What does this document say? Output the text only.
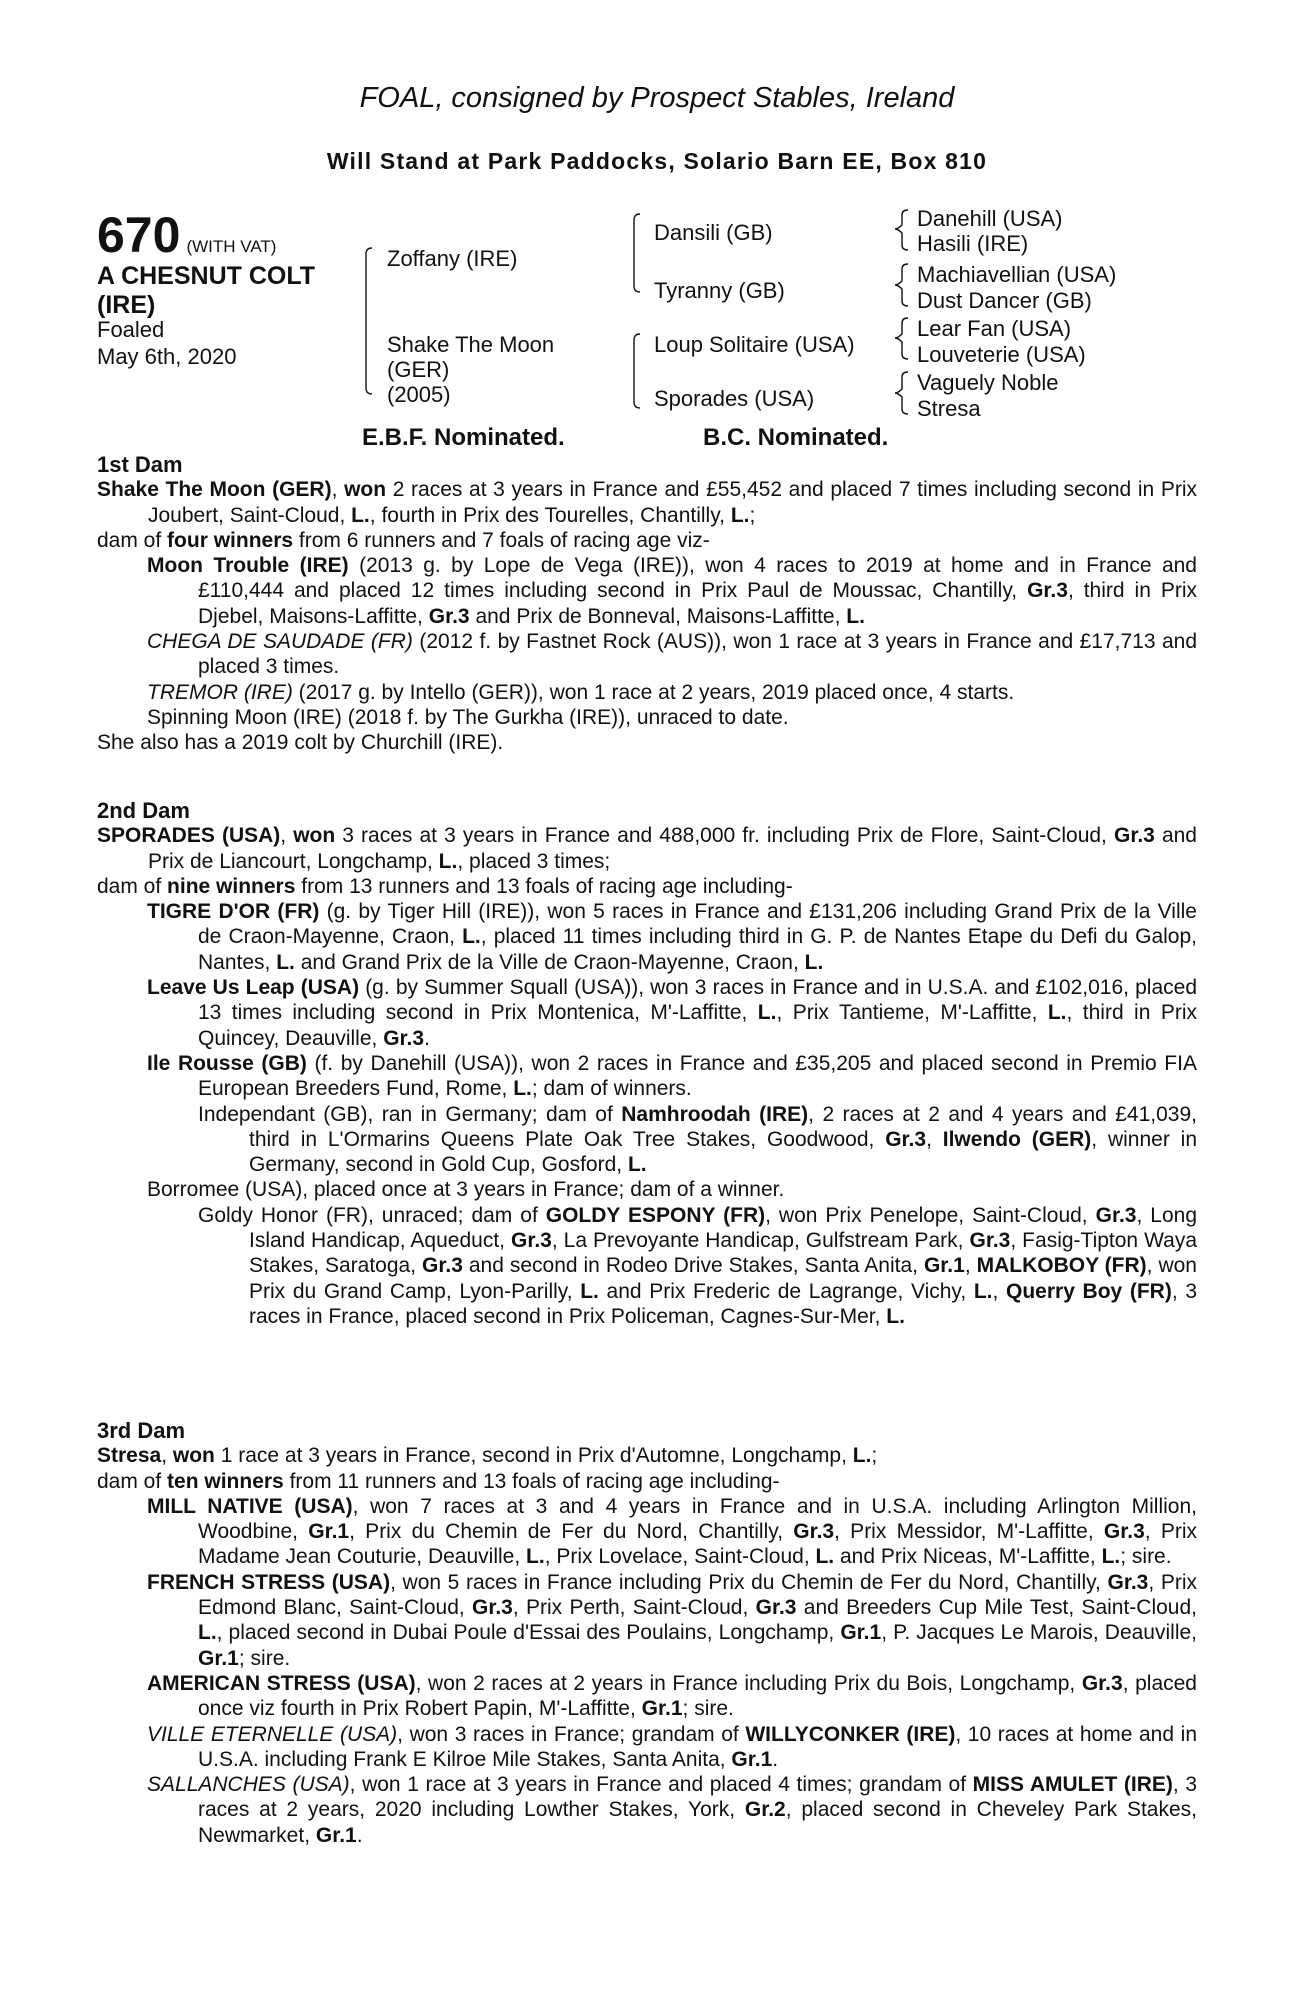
FOAL, consigned by Prospect Stables, Ireland
Will Stand at Park Paddocks, Solario Barn EE, Box 810
670 (WITH VAT)
A CHESNUT COLT
(IRE)
Foaled
May 6th, 2020
Zoffany (IRE)
Shake The Moon
(GER)
(2005)
Dansili (GB)
Tyranny (GB)
Loup Solitaire (USA)
Sporades (USA)
Danehill (USA)
Hasili (IRE)
Machiavellian (USA)
Dust Dancer (GB)
Lear Fan (USA)
Louveterie (USA)
Vaguely Noble
Stresa
E.B.F. Nominated.	B.C. Nominated.

1st Dam

Shake The Moon (GER), won 2 races at 3 years in France and £55,452 and placed 7 times including second in Prix Joubert, Saint-Cloud, L., fourth in Prix des Tourelles, Chantilly, L.;

dam of four winners from 6 runners and 7 foals of racing age viz-

Moon Trouble (IRE) (2013 g. by Lope de Vega (IRE)), won 4 races to 2019 at home and in France and £110,444 and placed 12 times including second in Prix Paul de Moussac, Chantilly, Gr.3, third in Prix Djebel, Maisons-Laffitte, Gr.3 and Prix de Bonneval, Maisons-Laffitte, L.

CHEGA DE SAUDADE (FR) (2012 f. by Fastnet Rock (AUS)), won 1 race at 3 years in France and £17,713 and placed 3 times.

TREMOR (IRE) (2017 g. by Intello (GER)), won 1 race at 2 years, 2019 placed once, 4 starts.

Spinning Moon (IRE) (2018 f. by The Gurkha (IRE)), unraced to date.

She also has a 2019 colt by Churchill (IRE).

2nd Dam

SPORADES (USA), won 3 races at 3 years in France and 488,000 fr. including Prix de Flore, Saint-Cloud, Gr.3 and Prix de Liancourt, Longchamp, L., placed 3 times;

dam of nine winners from 13 runners and 13 foals of racing age including-

TIGRE D'OR (FR) (g. by Tiger Hill (IRE)), won 5 races in France and £131,206 including Grand Prix de la Ville de Craon-Mayenne, Craon, L., placed 11 times including third in G. P. de Nantes Etape du Defi du Galop, Nantes, L. and Grand Prix de la Ville de Craon-Mayenne, Craon, L.

Leave Us Leap (USA) (g. by Summer Squall (USA)), won 3 races in France and in U.S.A. and £102,016, placed 13 times including second in Prix Montenica, M'-Laffitte, L., Prix Tantieme, M'-Laffitte, L., third in Prix Quincey, Deauville, Gr.3.

Ile Rousse (GB) (f. by Danehill (USA)), won 2 races in France and £35,205 and placed second in Premio FIA European Breeders Fund, Rome, L.; dam of winners.

Independant (GB), ran in Germany; dam of Namhroodah (IRE), 2 races at 2 and 4 years and £41,039, third in L'Ormarins Queens Plate Oak Tree Stakes, Goodwood, Gr.3, Ilwendo (GER), winner in Germany, second in Gold Cup, Gosford, L.

Borromee (USA), placed once at 3 years in France; dam of a winner.

Goldy Honor (FR), unraced; dam of GOLDY ESPONY (FR), won Prix Penelope, Saint-Cloud, Gr.3, Long Island Handicap, Aqueduct, Gr.3, La Prevoyante Handicap, Gulfstream Park, Gr.3, Fasig-Tipton Waya Stakes, Saratoga, Gr.3 and second in Rodeo Drive Stakes, Santa Anita, Gr.1, MALKOBOY (FR), won Prix du Grand Camp, Lyon-Parilly, L. and Prix Frederic de Lagrange, Vichy, L., Querry Boy (FR), 3 races in France, placed second in Prix Policeman, Cagnes-Sur-Mer, L.

3rd Dam

Stresa, won 1 race at 3 years in France, second in Prix d'Automne, Longchamp, L.;

dam of ten winners from 11 runners and 13 foals of racing age including-

MILL NATIVE (USA), won 7 races at 3 and 4 years in France and in U.S.A. including Arlington Million, Woodbine, Gr.1, Prix du Chemin de Fer du Nord, Chantilly, Gr.3, Prix Messidor, M'-Laffitte, Gr.3, Prix Madame Jean Couturie, Deauville, L., Prix Lovelace, Saint-Cloud, L. and Prix Niceas, M'-Laffitte, L.; sire.

FRENCH STRESS (USA), won 5 races in France including Prix du Chemin de Fer du Nord, Chantilly, Gr.3, Prix Edmond Blanc, Saint-Cloud, Gr.3, Prix Perth, Saint-Cloud, Gr.3 and Breeders Cup Mile Test, Saint-Cloud, L., placed second in Dubai Poule d'Essai des Poulains, Longchamp, Gr.1, P. Jacques Le Marois, Deauville, Gr.1; sire.

AMERICAN STRESS (USA), won 2 races at 2 years in France including Prix du Bois, Longchamp, Gr.3, placed once viz fourth in Prix Robert Papin, M'-Laffitte, Gr.1; sire.

VILLE ETERNELLE (USA), won 3 races in France; grandam of WILLYCONKER (IRE), 10 races at home and in U.S.A. including Frank E Kilroe Mile Stakes, Santa Anita, Gr.1.

SALLANCHES (USA), won 1 race at 3 years in France and placed 4 times; grandam of MISS AMULET (IRE), 3 races at 2 years, 2020 including Lowther Stakes, York, Gr.2, placed second in Cheveley Park Stakes, Newmarket, Gr.1.
